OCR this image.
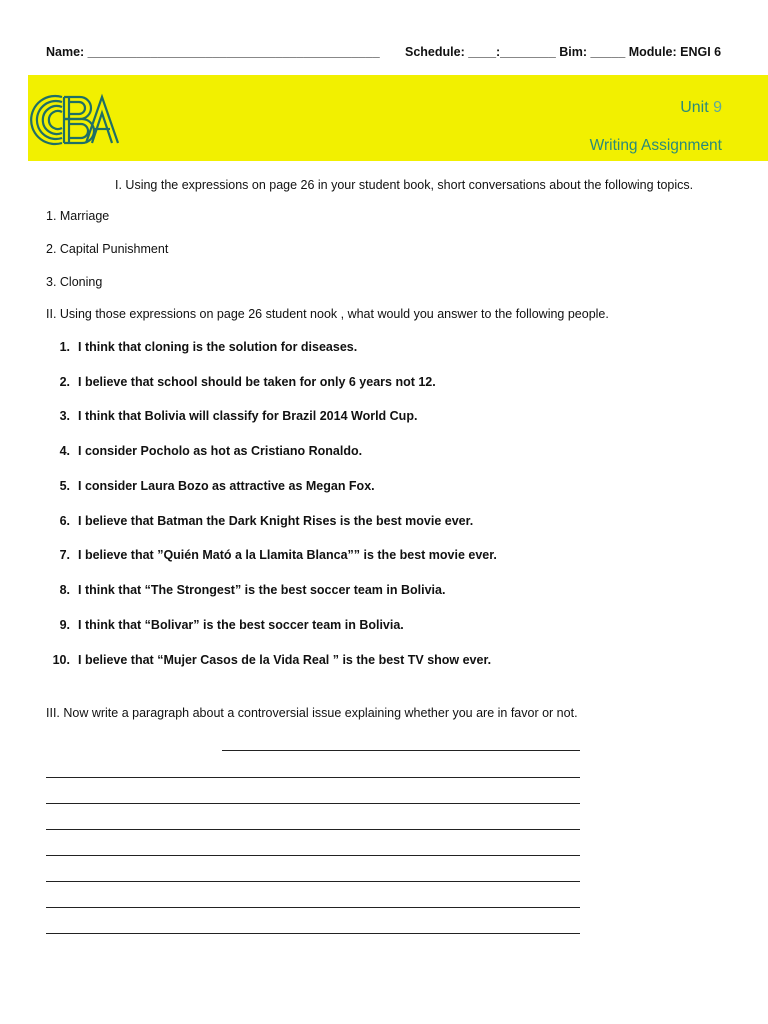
Name: __________________________________________ Schedule: ____:________ Bim: _____ Module: ENGI 6
Unit 9
Writing Assignment
I. Using the expressions on page 26 in your student book, short conversations about the following topics.
1. Marriage
2. Capital Punishment
3. Cloning
II. Using those expressions on page 26 student nook , what would you answer to the following people.
1. I think that cloning is the solution for diseases.
2. I believe that school should be taken for only 6 years not 12.
3. I think that Bolivia will classify for Brazil 2014 World Cup.
4. I consider Pocholo as hot as Cristiano Ronaldo.
5. I consider Laura Bozo as attractive as Megan Fox.
6. I believe that Batman the Dark Knight Rises is the best movie ever.
7. I believe that ”Quién Mató a la Llamita Blanca”” is the best movie ever.
8. I think that “The Strongest” is the best soccer team in Bolivia.
9. I think that “Bolivar” is the best soccer team in Bolivia.
10. I believe that “Mujer Casos de la Vida Real ” is the best TV show ever.
III. Now write a paragraph about a controversial issue explaining whether you are in favor or not.
